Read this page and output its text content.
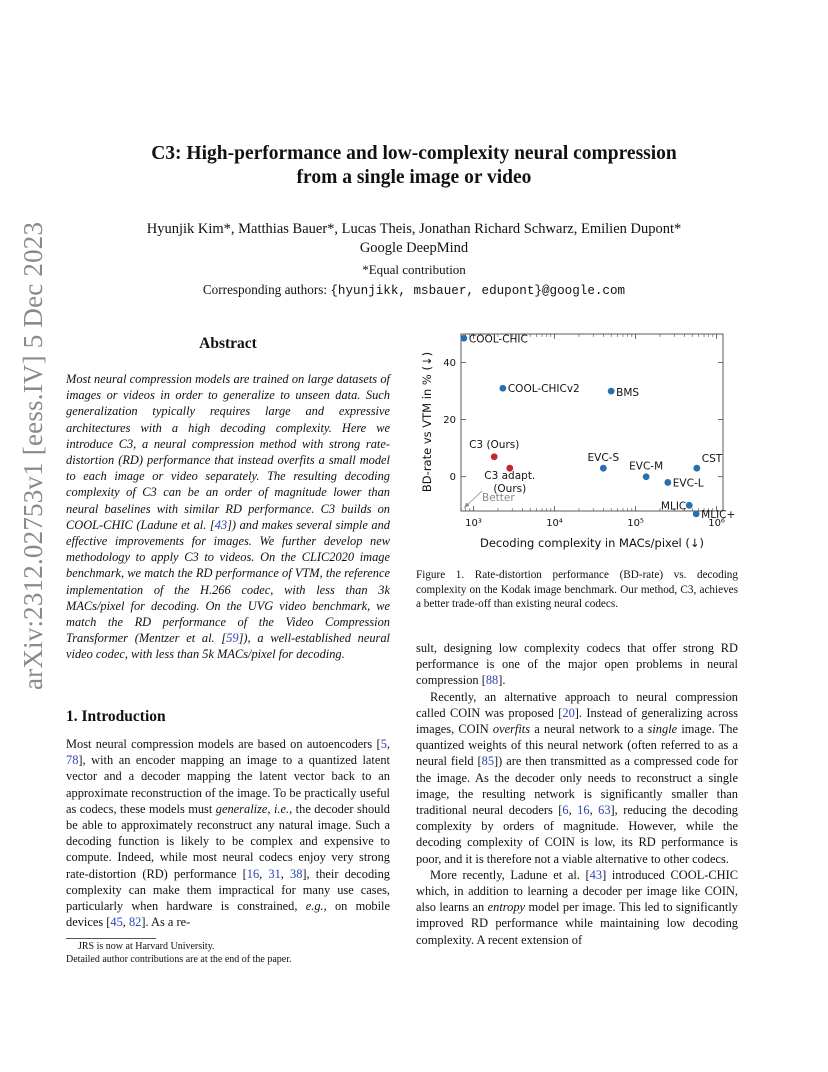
arXiv:2312.02753v1 [eess.IV] 5 Dec 2023
C3: High-performance and low-complexity neural compression
from a single image or video
Hyunjik Kim*, Matthias Bauer*, Lucas Theis, Jonathan Richard Schwarz, Emilien Dupont*
Google DeepMind
*Equal contribution
Corresponding authors: {hyunjikk, msbauer, edupont}@google.com
Abstract
Most neural compression models are trained on large datasets of images or videos in order to generalize to unseen data. Such generalization typically requires large and expressive architectures with a high decoding complexity. Here we introduce C3, a neural compression method with strong rate-distortion (RD) performance that instead overfits a small model to each image or video separately. The resulting decoding complexity of C3 can be an order of magnitude lower than neural baselines with similar RD performance. C3 builds on COOL-CHIC (Ladune et al. [43]) and makes several simple and effective improvements for images. We further develop new methodology to apply C3 to videos. On the CLIC2020 image benchmark, we match the RD performance of VTM, the reference implementation of the H.266 codec, with less than 3k MACs/pixel for decoding. On the UVG video benchmark, we match the RD performance of the Video Compression Transformer (Mentzer et al. [59]), a well-established neural video codec, with less than 5k MACs/pixel for decoding.
1. Introduction
Most neural compression models are based on autoencoders [5, 78], with an encoder mapping an image to a quantized latent vector and a decoder mapping the latent vector back to an approximate reconstruction of the image. To be practically useful as codecs, these models must generalize, i.e., the decoder should be able to approximately reconstruct any natural image. Such a decoding function is likely to be complex and expensive to compute. Indeed, while most neural codecs enjoy very strong rate-distortion (RD) performance [16, 31, 38], their decoding complexity can make them impractical for many use cases, particularly when hardware is constrained, e.g., on mobile devices [45, 82]. As a re-
JRS is now at Harvard University.
Detailed author contributions are at the end of the paper.
10³	10⁴	10⁵	10⁶
0
20
40
COOL-CHIC
COOL-CHICv2	BMS
EVC-S
EVC-M
EVC-L
CST
MLIC
MLIC+
C3 (Ours)
C3 adapt. (Ours)
Better
Decoding complexity in MACs/pixel (↓)
BD-rate vs VTM in % (↓)
Figure 1. Rate-distortion performance (BD-rate) vs. decoding complexity on the Kodak image benchmark. Our method, C3, achieves a better trade-off than existing neural codecs.

sult, designing low complexity codecs that offer strong RD performance is one of the major open problems in neural compression [88].

Recently, an alternative approach to neural compression called COIN was proposed [20]. Instead of generalizing across images, COIN overfits a neural network to a single image. The quantized weights of this neural network (often referred to as a neural field [85]) are then transmitted as a compressed code for the image. As the decoder only needs to reconstruct a single image, the resulting network is significantly smaller than traditional neural decoders [6, 16, 63], reducing the decoding complexity by orders of magnitude. However, while the decoding complexity of COIN is low, its RD performance is poor, and it is therefore not a viable alternative to other codecs.

More recently, Ladune et al. [43] introduced COOL-CHIC which, in addition to learning a decoder per image like COIN, also learns an entropy model per image. This led to significantly improved RD performance while maintaining low decoding complexity. A recent extension of
